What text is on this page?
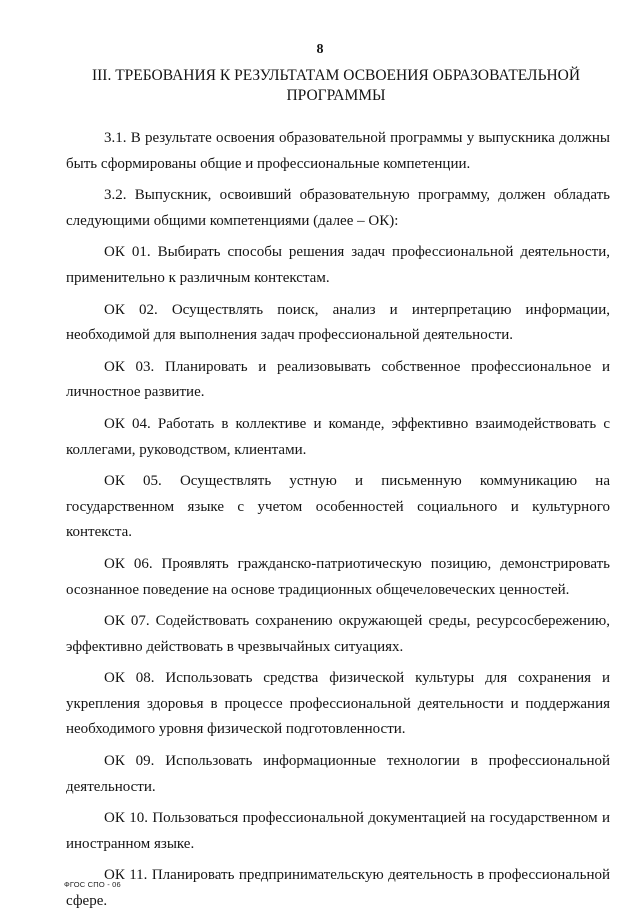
8
III. ТРЕБОВАНИЯ К РЕЗУЛЬТАТАМ ОСВОЕНИЯ ОБРАЗОВАТЕЛЬНОЙ ПРОГРАММЫ

3.1. В результате освоения образовательной программы у выпускника должны быть сформированы общие и профессиональные компетенции.

3.2. Выпускник, освоивший образовательную программу, должен обладать следующими общими компетенциями (далее – ОК):

ОК 01. Выбирать способы решения задач профессиональной деятельности, применительно к различным контекстам.

ОК 02. Осуществлять поиск, анализ и интерпретацию информации, необходимой для выполнения задач профессиональной деятельности.

ОК 03. Планировать и реализовывать собственное профессиональное и личностное развитие.

ОК 04. Работать в коллективе и команде, эффективно взаимодействовать с коллегами, руководством, клиентами.

ОК 05. Осуществлять устную и письменную коммуникацию на государственном языке с учетом особенностей социального и культурного контекста.

ОК 06. Проявлять гражданско-патриотическую позицию, демонстрировать осознанное поведение на основе традиционных общечеловеческих ценностей.

ОК 07. Содействовать сохранению окружающей среды, ресурсосбережению, эффективно действовать в чрезвычайных ситуациях.

ОК 08. Использовать средства физической культуры для сохранения и укрепления здоровья в процессе профессиональной деятельности и поддержания необходимого уровня физической подготовленности.

ОК 09. Использовать информационные технологии в профессиональной деятельности.

ОК 10. Пользоваться профессиональной документацией на государственном и иностранном языке.

ОК 11. Планировать предпринимательскую деятельность в профессиональной сфере.

ФГОС СПО - 06
